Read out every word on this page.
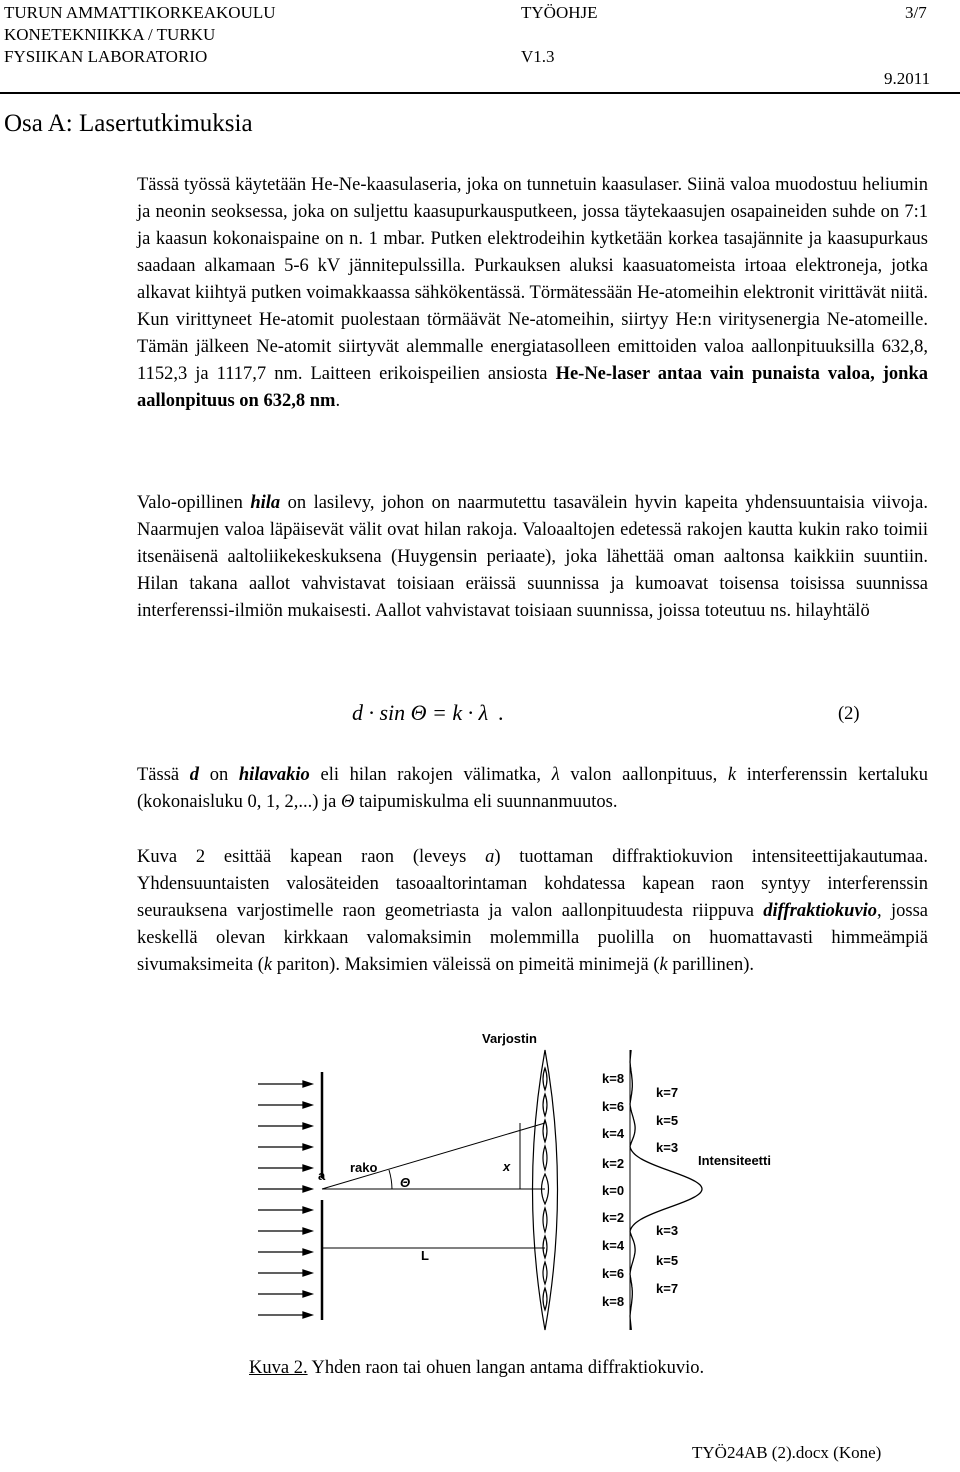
TURUN AMMATTIKORKEAKOULU
KONETEKNIIKKA / TURKU
FYSIIKAN LABORATORIO
TYÖOHJE
V1.3
3/7
9.2011
Osa A: Lasertutkimuksia

Tässä työssä käytetään He-Ne-kaasulaseria, joka on tunnetuin kaasulaser. Siinä valoa muodostuu heliumin ja neonin seoksessa, joka on suljettu kaasupurkausputkeen, jossa täytekaasujen osapaineiden suhde on 7:1 ja kaasun kokonaispaine on n. 1 mbar. Putken elektrodeihin kytketään korkea tasajännite ja kaasupurkaus saadaan alkamaan 5-6 kV jännitepulssilla. Purkauksen aluksi kaasuatomeista irtoaa elektroneja, jotka alkavat kiihtyä putken voimakkaassa sähkökentässä. Törmätessään He-atomeihin elektronit virittävät niitä. Kun virittyneet He-atomit puolestaan törmäävät Ne-atomeihin, siirtyy He:n viritysenergia Ne-atomeille. Tämän jälkeen Ne-atomit siirtyvät alemmalle energiatasolleen emittoiden valoa aallonpituuksilla 632,8, 1152,3 ja 1117,7 nm. Laitteen erikoispeilien ansiosta He-Ne-laser antaa vain punaista valoa, jonka aallonpituus on 632,8 nm.

Valo-opillinen hila on lasilevy, johon on naarmutettu tasavälein hyvin kapeita yhdensuuntaisia viivoja. Naarmujen valoa läpäisevät välit ovat hilan rakoja. Valoaaltojen edetessä rakojen kautta kukin rako toimii itsenäisenä aaltoliikekeskuksena (Huygensin periaate), joka lähettää oman aaltonsa kaikkiin suuntiin. Hilan takana aallot vahvistavat toisiaan eräissä suunnissa ja kumoavat toisensa toisissa suunnissa interferenssi-ilmiön mukaisesti. Aallot vahvistavat toisiaan suunnissa, joissa toteutuu ns. hilayhtälö

d · sin Θ = k · λ .	(2)

Tässä d on hilavakio eli hilan rakojen välimatka, λ valon aallonpituus, k interferenssin kertaluku (kokonaisluku 0, 1, 2,...) ja Θ taipumiskulma eli suunnanmuutos.

Kuva 2 esittää kapean raon (leveys a) tuottaman diffraktiokuvion intensiteettijakautumaa. Yhdensuuntaisten valosäteiden tasoaaltorintaman kohdatessa kapean raon syntyy interferenssin seurauksena varjostimelle raon geometriasta ja valon aallonpituudesta riippuva diffraktiokuvio, jossa keskellä olevan kirkkaan valomaksimin molemmilla puolilla on huomattavasti himmeämpiä sivumaksimeita (k pariton). Maksimien väleissä on pimeitä minimejä (k parillinen).

Varjostin
Intensiteetti
a
rako
Θ
L
x
k=8
k=6
k=4
k=2
k=0
k=2
k=4
k=6
k=8
k=7
k=5
k=3
k=3
k=5
k=7
Kuva 2. Yhden raon tai ohuen langan antama diffraktiokuvio.
TYÖ24AB (2).docx (Kone)
